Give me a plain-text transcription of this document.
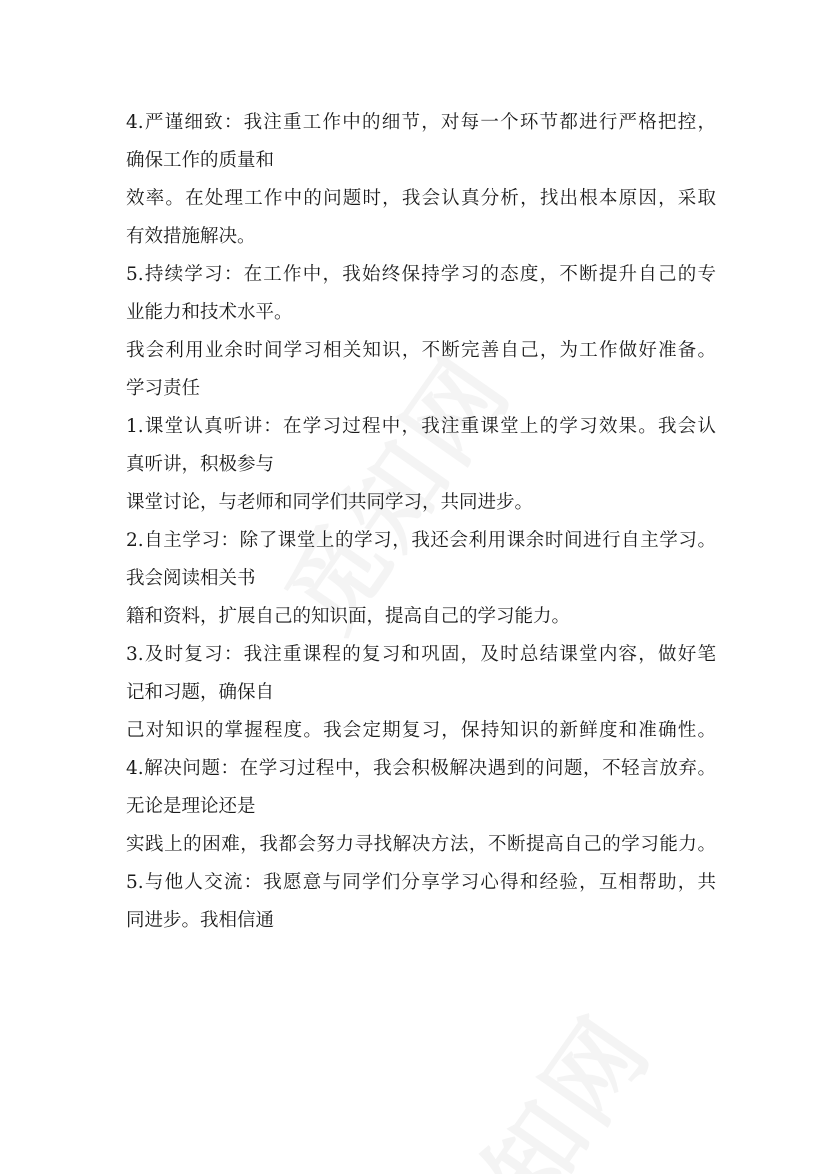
4.严谨细致：我注重工作中的细节，对每一个环节都进行严格把控，
确保工作的质量和
效率。在处理工作中的问题时，我会认真分析，找出根本原因，采取
有效措施解决。
5.持续学习：在工作中，我始终保持学习的态度，不断提升自己的专
业能力和技术水平。
我会利用业余时间学习相关知识，不断完善自己，为工作做好准备。
学习责任
1.课堂认真听讲：在学习过程中，我注重课堂上的学习效果。我会认
真听讲，积极参与
课堂讨论，与老师和同学们共同学习，共同进步。
2.自主学习：除了课堂上的学习，我还会利用课余时间进行自主学习。
我会阅读相关书
籍和资料，扩展自己的知识面，提高自己的学习能力。
3.及时复习：我注重课程的复习和巩固，及时总结课堂内容，做好笔
记和习题，确保自
己对知识的掌握程度。我会定期复习，保持知识的新鲜度和准确性。
4.解决问题：在学习过程中，我会积极解决遇到的问题，不轻言放弃。
无论是理论还是
实践上的困难，我都会努力寻找解决方法，不断提高自己的学习能力。
5.与他人交流：我愿意与同学们分享学习心得和经验，互相帮助，共
同进步。我相信通
